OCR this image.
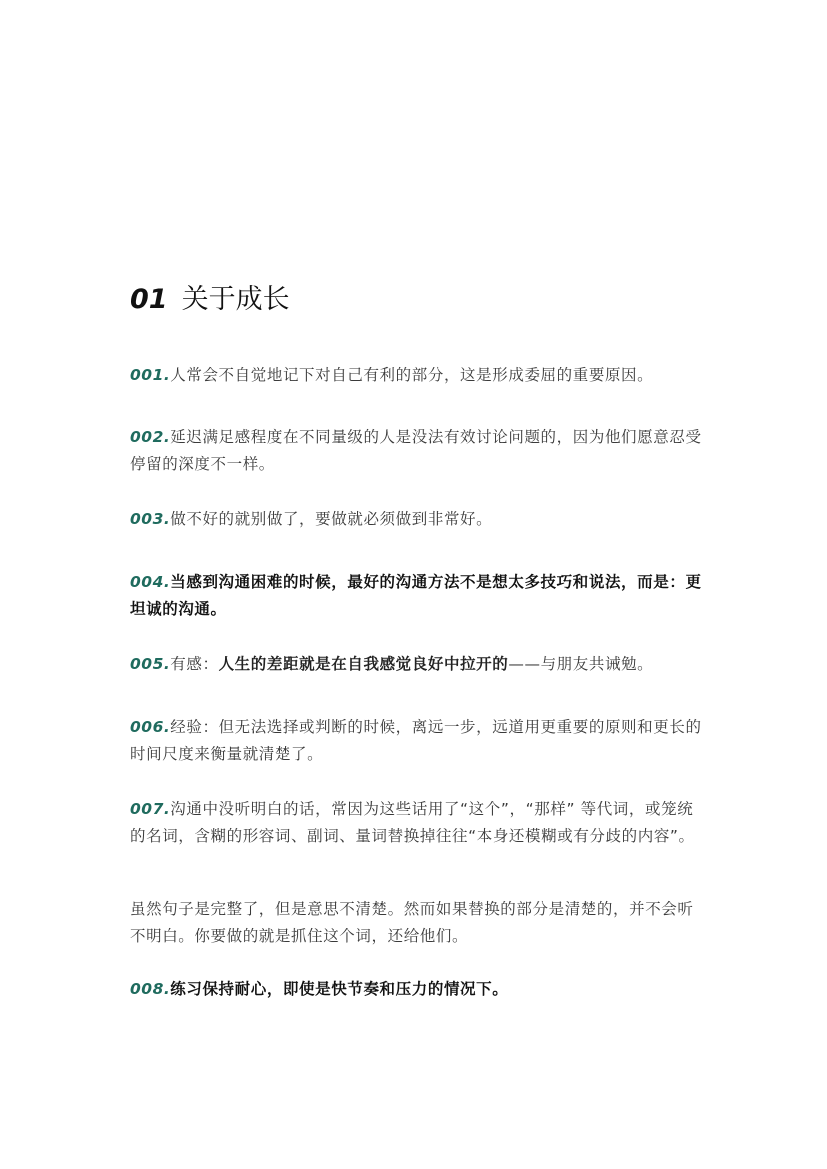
01 关于成长
001.人常会不自觉地记下对自己有利的部分，这是形成委屈的重要原因。
002.延迟满足感程度在不同量级的人是没法有效讨论问题的，因为他们愿意忍受停留的深度不一样。
003.做不好的就别做了，要做就必须做到非常好。
004.当感到沟通困难的时候，最好的沟通方法不是想太多技巧和说法，而是：更坦诚的沟通。
005.有感：人生的差距就是在自我感觉良好中拉开的——与朋友共诫勉。
006.经验：但无法选择或判断的时候，离远一步，远道用更重要的原则和更长的时间尺度来衡量就清楚了。
007.沟通中没听明白的话，常因为这些话用了“这个”，“那样” 等代词，或笼统的名词，含糊的形容词、副词、量词替换掉往往“本身还模糊或有分歧的内容”。
虽然句子是完整了，但是意思不清楚。然而如果替换的部分是清楚的，并不会听不明白。你要做的就是抓住这个词，还给他们。
008.练习保持耐心，即使是快节奏和压力的情况下。
